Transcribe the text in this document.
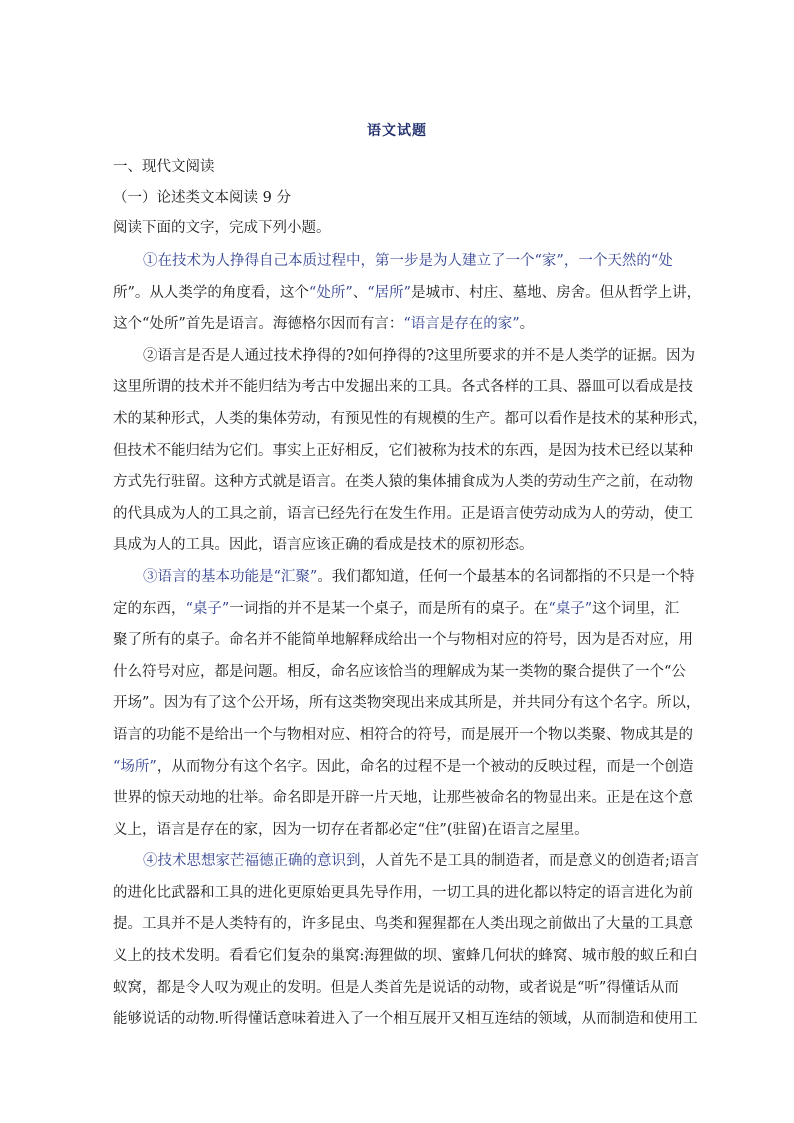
语文试题
一、现代文阅读
（一）论述类文本阅读 9 分
阅读下面的文字，完成下列小题。
①在技术为人挣得自己本质过程中，第一步是为人建立了一个“家”，一个天然的“处
所”。从人类学的角度看，这个“处所”、“居所”是城市、村庄、墓地、房舍。但从哲学上讲，
这个“处所”首先是语言。海德格尔因而有言：“语言是存在的家”。
②语言是否是人通过技术挣得的?如何挣得的?这里所要求的并不是人类学的证据。因为
这里所谓的技术并不能归结为考古中发掘出来的工具。各式各样的工具、器皿可以看成是技
术的某种形式，人类的集体劳动，有预见性的有规模的生产。都可以看作是技术的某种形式，
但技术不能归结为它们。事实上正好相反，它们被称为技术的东西，是因为技术已经以某种
方式先行驻留。这种方式就是语言。在类人猿的集体捕食成为人类的劳动生产之前，在动物
的代具成为人的工具之前，语言已经先行在发生作用。正是语言使劳动成为人的劳动，使工
具成为人的工具。因此，语言应该正确的看成是技术的原初形态。
③语言的基本功能是“汇聚”。我们都知道，任何一个最基本的名词都指的不只是一个特
定的东西，“桌子”一词指的并不是某一个桌子，而是所有的桌子。在“桌子”这个词里，汇
聚了所有的桌子。命名并不能简单地解释成给出一个与物相对应的符号，因为是否对应，用
什么符号对应，都是问题。相反，命名应该恰当的理解成为某一类物的聚合提供了一个“公
开场”。因为有了这个公开场，所有这类物突现出来成其所是，并共同分有这个名字。所以，
语言的功能不是给出一个与物相对应、相符合的符号，而是展开一个物以类聚、物成其是的
“场所”，从而物分有这个名字。因此，命名的过程不是一个被动的反映过程，而是一个创造
世界的惊天动地的壮举。命名即是开辟一片天地，让那些被命名的物显出来。正是在这个意
义上，语言是存在的家，因为一切存在者都必定“住”(驻留)在语言之屋里。
④技术思想家芒福德正确的意识到，人首先不是工具的制造者，而是意义的创造者;语言
的进化比武器和工具的进化更原始更具先导作用，一切工具的进化都以特定的语言进化为前
提。工具并不是人类特有的，许多昆虫、鸟类和猩猩都在人类出现之前做出了大量的工具意
义上的技术发明。看看它们复杂的巢窝:海狸做的坝、蜜蜂几何状的蜂窝、城市般的蚁丘和白
蚁窝，都是令人叹为观止的发明。但是人类首先是说话的动物，或者说是“听”得懂话从而
能够说话的动物.听得懂话意味着进入了一个相互展开又相互连结的领域，从而制造和使用工
